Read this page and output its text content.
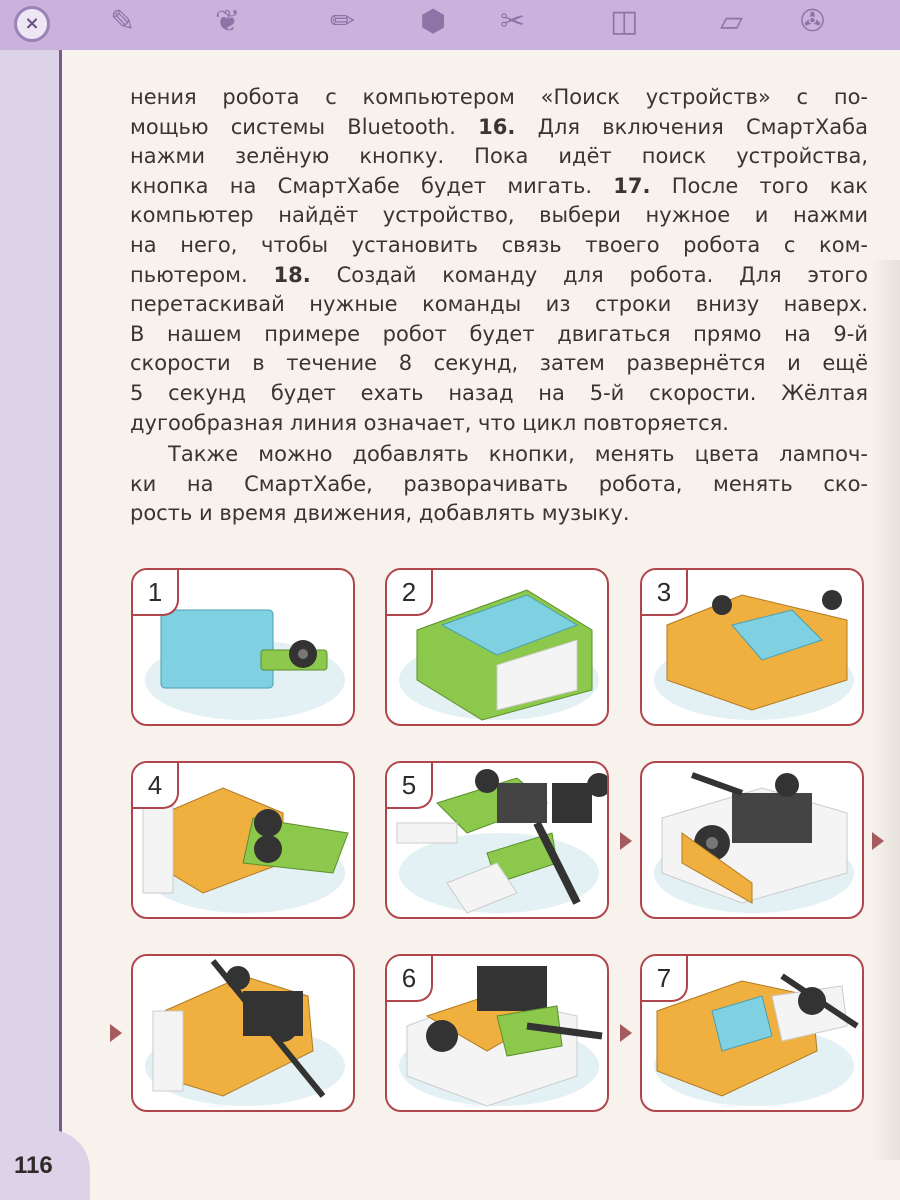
✎	❦	✏ ⬢ ✂	◫	▱ ✇
×

нения робота с компьютером «Поиск устройств» с по-

мощью системы Bluetooth. 16. Для включения СмартХаба

нажми зелёную кнопку. Пока идёт поиск устройства,

кнопка на СмартХабе будет мигать. 17. После того как

компьютер найдёт устройство, выбери нужное и нажми

на него, чтобы установить связь твоего робота с ком-

пьютером. 18. Создай команду для робота. Для этого

перетаскивай нужные команды из строки внизу наверх.

В нашем примере робот будет двигаться прямо на 9-й

скорости в течение 8 секунд, затем развернётся и ещё

5 секунд будет ехать назад на 5-й скорости. Жёлтая

дугообразная линия означает, что цикл повторяется.

Также можно добавлять кнопки, менять цвета лампоч-

ки на СмартХабе, разворачивать робота, менять ско-

рость и время движения, добавлять музыку.

1	2	3
4	5
6	7
116
